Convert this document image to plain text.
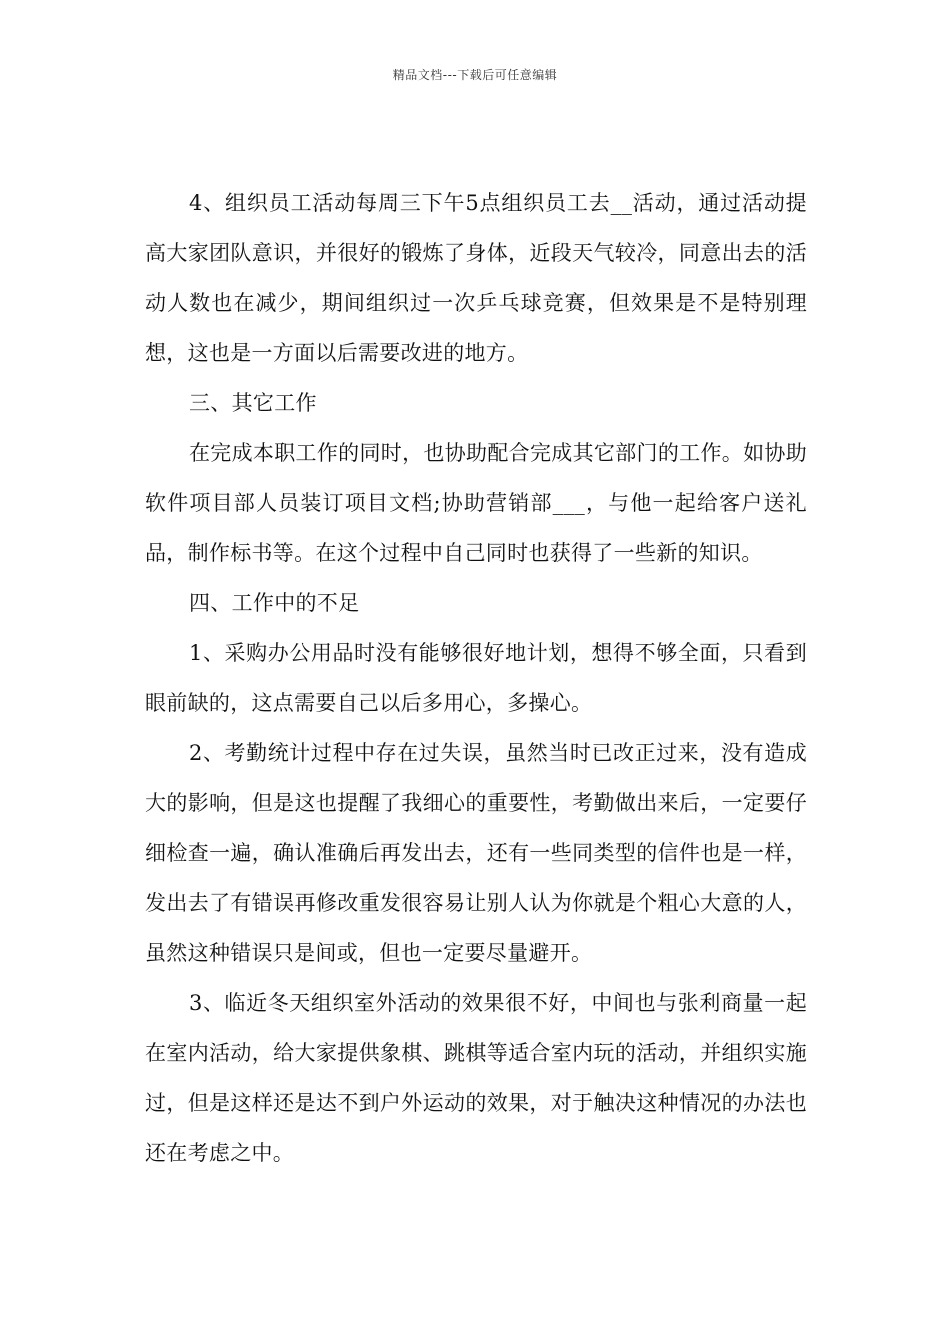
精品文档---下载后可任意编辑

4、组织员工活动每周三下午5点组织员工去__活动，通过活动提高大家团队意识，并很好的锻炼了身体，近段天气较冷，同意出去的活动人数也在减少，期间组织过一次乒乓球竞赛，但效果是不是特别理想，这也是一方面以后需要改进的地方。

三、其它工作

在完成本职工作的同时，也协助配合完成其它部门的工作。如协助软件项目部人员装订项目文档;协助营销部___，与他一起给客户送礼品，制作标书等。在这个过程中自己同时也获得了一些新的知识。

四、工作中的不足

1、采购办公用品时没有能够很好地计划，想得不够全面，只看到眼前缺的，这点需要自己以后多用心，多操心。

2、考勤统计过程中存在过失误，虽然当时已改正过来，没有造成大的影响，但是这也提醒了我细心的重要性，考勤做出来后，一定要仔细检查一遍，确认准确后再发出去，还有一些同类型的信件也是一样，发出去了有错误再修改重发很容易让别人认为你就是个粗心大意的人，虽然这种错误只是间或，但也一定要尽量避开。

3、临近冬天组织室外活动的效果很不好，中间也与张利商量一起在室内活动，给大家提供象棋、跳棋等适合室内玩的活动，并组织实施过，但是这样还是达不到户外运动的效果，对于触决这种情况的办法也还在考虑之中。
